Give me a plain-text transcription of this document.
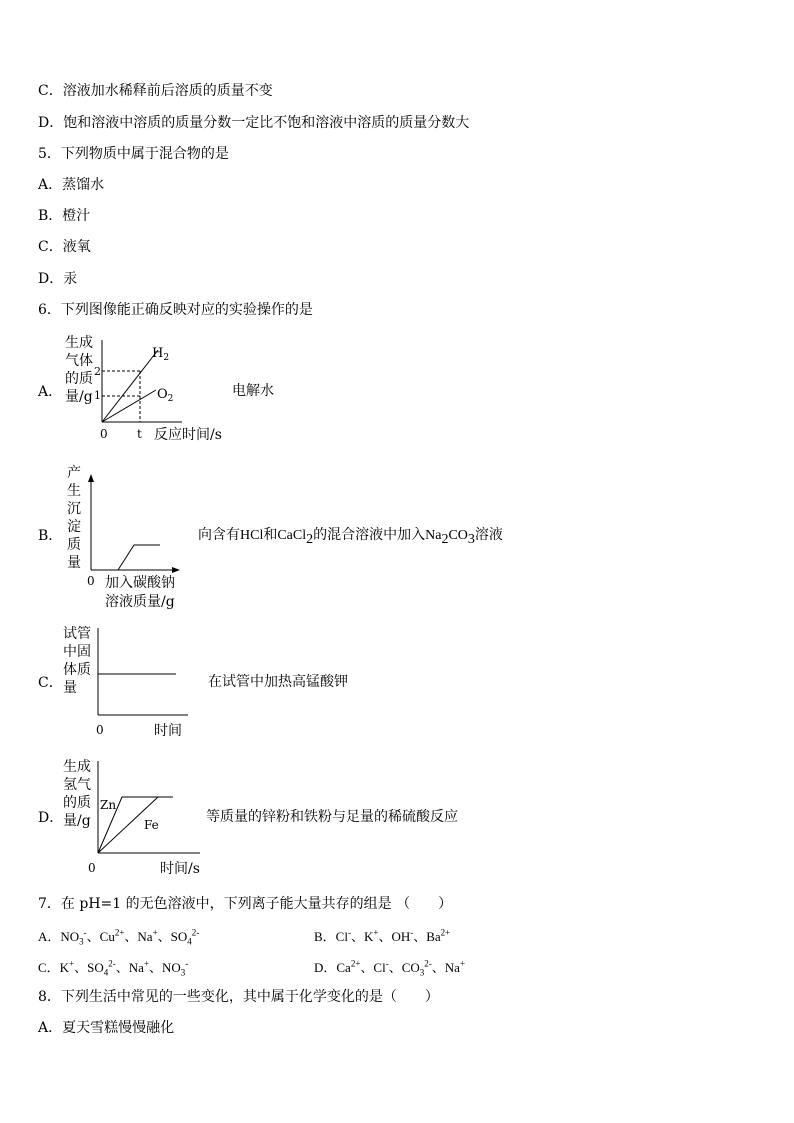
C．溶液加水稀释前后溶质的质量不变
D．饱和溶液中溶质的质量分数一定比不饱和溶液中溶质的质量分数大
5．下列物质中属于混合物的是
A．蒸馏水
B．橙汁
C．液氧
D．汞
6．下列图像能正确反映对应的实验操作的是
A．
生成
气体
的质
量/g
2
1
0 t 反应时间/s
$H_2$
$O_2$	电解水
B．
产
生
沉
淀
质
量
0 加入碳酸钠
溶液质量/g
向含有HCl和CaCl$_2$的混合溶液中加入$Na_2CO_3$溶液
C．
试管
中固
体质
量
0	时间
在试管中加热高锰酸钾
D．
生成
氢气
的质
量/g
Zn
Fe
0	时间/s
等质量的锌粉和铁粉与足量的稀硫酸反应
7．在 pH=1 的无色溶液中，下列离子能大量共存的组是 （　　）
A．$NO_3^-$、$Cu^{2+}$、Na+、$SO_4^{2-}$	B．Cl-、K+、OH-、$Ba^{2+}$
C．K+、$SO_4^{2-}$、Na+、$NO_3^-$	D．$Ca^{2+}$、Cl-、$CO_3^{2-}$、Na+
8．下列生活中常见的一些变化，其中属于化学变化的是（　　）
A．夏天雪糕慢慢融化
